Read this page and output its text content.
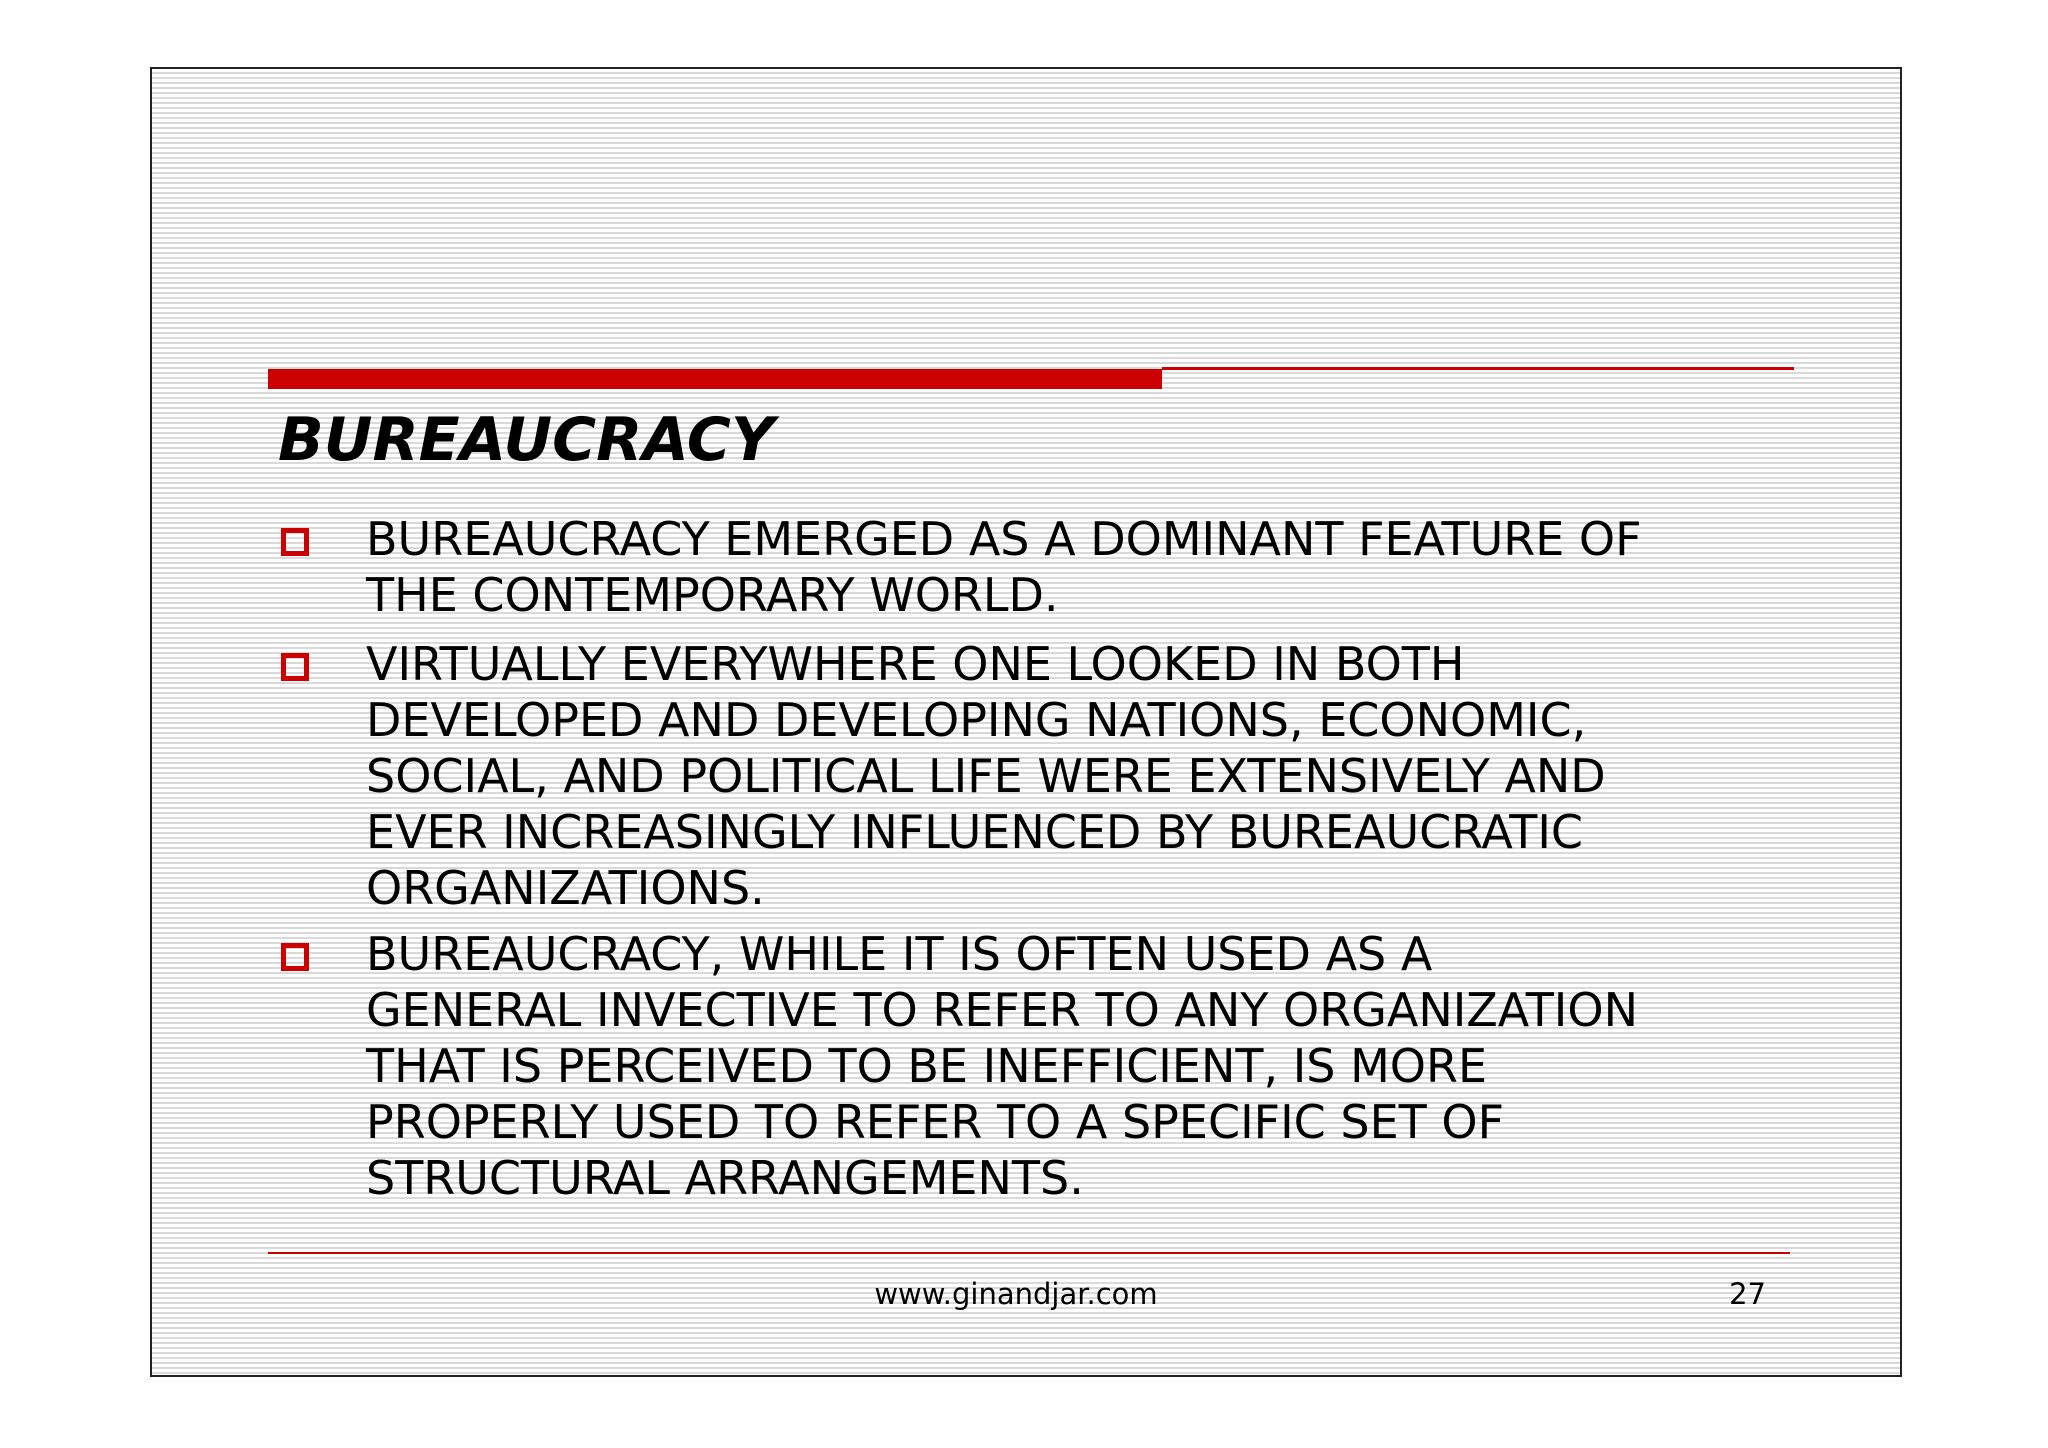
BUREAUCRACY
BUREAUCRACY EMERGED AS A DOMINANT FEATURE OF
THE CONTEMPORARY WORLD.
VIRTUALLY EVERYWHERE ONE LOOKED IN BOTH
DEVELOPED AND DEVELOPING NATIONS, ECONOMIC,
SOCIAL, AND POLITICAL LIFE WERE EXTENSIVELY AND
EVER INCREASINGLY INFLUENCED BY BUREAUCRATIC
ORGANIZATIONS.
BUREAUCRACY, WHILE IT IS OFTEN USED AS A
GENERAL INVECTIVE TO REFER TO ANY ORGANIZATION
THAT IS PERCEIVED TO BE INEFFICIENT, IS MORE
PROPERLY USED TO REFER TO A SPECIFIC SET OF
STRUCTURAL ARRANGEMENTS.
www.ginandjar.com	27
